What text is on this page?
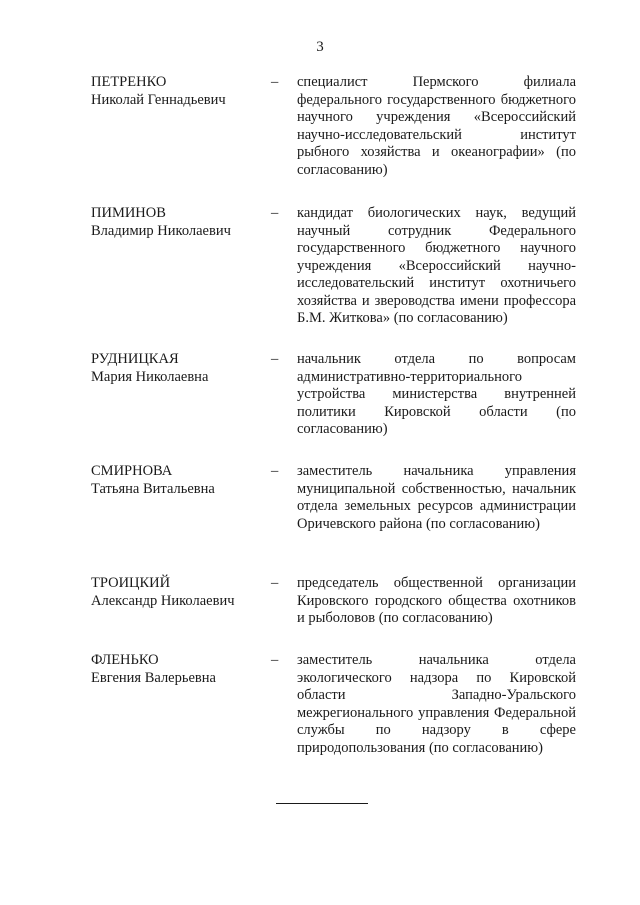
3
ПЕТРЕНКО
Николай Геннадьевич
– специалист Пермского филиала федерального государственного бюджетного научного учреждения «Всероссийский научно-исследовательский институт рыбного хозяйства и океанографии» (по согласованию)
ПИМИНОВ
Владимир Николаевич
– кандидат биологических наук, ведущий научный сотрудник Федерального государственного бюджетного научного учреждения «Всероссийский научно-исследовательский институт охотничьего хозяйства и звероводства имени профессора Б.М. Житкова» (по согласованию)
РУДНИЦКАЯ
Мария Николаевна
– начальник отдела по вопросам административно-территориального устройства министерства внутренней политики Кировской области (по согласованию)
СМИРНОВА
Татьяна Витальевна
– заместитель начальника управления муниципальной собственностью, начальник отдела земельных ресурсов администрации Оричевского района (по согласованию)
ТРОИЦКИЙ
Александр Николаевич
– председатель общественной организации Кировского городского общества охотников и рыболовов (по согласованию)
ФЛЕНЬКО
Евгения Валерьевна
– заместитель начальника отдела экологического надзора по Кировской области Западно-Уральского межрегионального управления Федеральной службы по надзору в сфере природопользования (по согласованию)
